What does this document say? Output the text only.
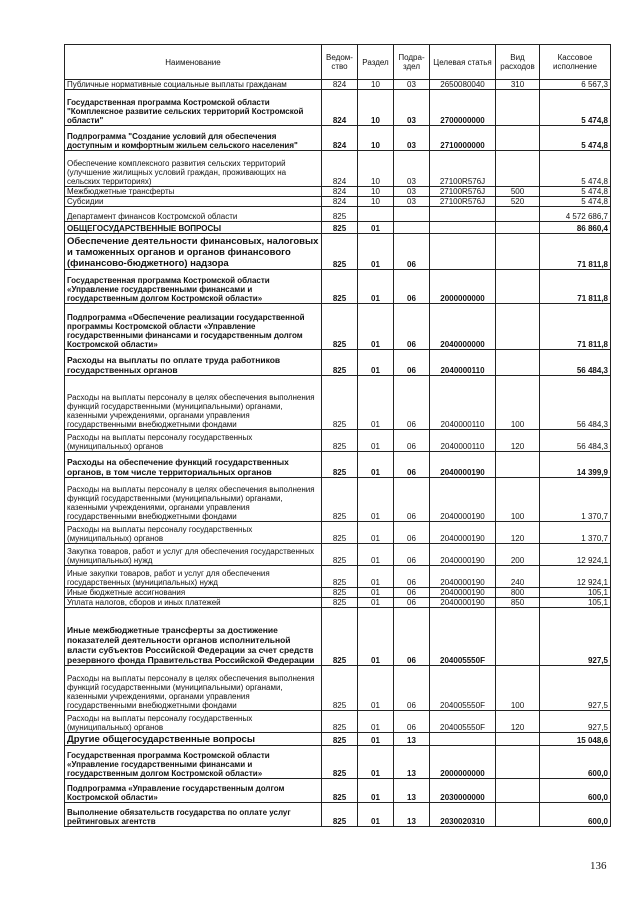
Наименование	Ведом-ство	Раздел	Подра-здел	Целевая статья	Вид расходов	Кассовое исполнение
Публичные нормативные социальные выплаты гражданам	824	10	03	2650080040	310	6 567,3
Государственная программа Костромской области "Комплексное развитие сельских территорий Костромской области"	824	10	03	2700000000		5 474,8
Подпрограмма "Создание условий для обеспечения доступным и комфортным жильем сельского населения"	824	10	03	2710000000		5 474,8
Обеспечение комплексного развития сельских территорий (улучшение жилищных условий граждан, проживающих на сельских территориях)	824	10	03	27100R576J		5 474,8
Межбюджетные трансферты	824	10	03	27100R576J	500	5 474,8
Субсидии	824	10	03	27100R576J	520	5 474,8
Департамент финансов Костромской области	825					4 572 686,7
ОБЩЕГОСУДАРСТВЕННЫЕ ВОПРОСЫ	825	01				86 860,4
Обеспечение деятельности финансовых, налоговых и таможенных органов и органов финансового (финансово-бюджетного) надзора	825	01	06			71 811,8
Государственная программа Костромской области «Управление государственными финансами и государственным долгом Костромской области»	825	01	06	2000000000		71 811,8
Подпрограмма «Обеспечение реализации государственной программы Костромской области «Управление государственными финансами и государственным долгом Костромской области»	825	01	06	2040000000		71 811,8
Расходы на выплаты по оплате труда работников государственных органов	825	01	06	2040000110		56 484,3
Расходы на выплаты персоналу в целях обеспечения выполнения функций государственными (муниципальными) органами, казенными учреждениями, органами управления государственными внебюджетными фондами	825	01	06	2040000110	100	56 484,3
Расходы на выплаты персоналу государственных (муниципальных) органов	825	01	06	2040000110	120	56 484,3
Расходы на обеспечение функций государственных органов, в том числе территориальных органов	825	01	06	2040000190		14 399,9
Расходы на выплаты персоналу в целях обеспечения выполнения функций государственными (муниципальными) органами, казенными учреждениями, органами управления государственными внебюджетными фондами	825	01	06	2040000190	100	1 370,7
Расходы на выплаты персоналу государственных (муниципальных) органов	825	01	06	2040000190	120	1 370,7
Закупка товаров, работ и услуг для обеспечения государственных (муниципальных) нужд	825	01	06	2040000190	200	12 924,1
Иные закупки товаров, работ и услуг для обеспечения государственных (муниципальных) нужд	825	01	06	2040000190	240	12 924,1
Иные бюджетные ассигнования	825	01	06	2040000190	800	105,1
Уплата налогов, сборов и иных платежей	825	01	06	2040000190	850	105,1
Иные межбюджетные трансферты за достижение показателей деятельности органов исполнительной власти субъектов Российской Федерации за счет средств резервного фонда Правительства Российской Федерации	825	01	06	204005550F		927,5
Расходы на выплаты персоналу в целях обеспечения выполнения функций государственными (муниципальными) органами, казенными учреждениями, органами управления государственными внебюджетными фондами	825	01	06	204005550F	100	927,5
Расходы на выплаты персоналу государственных (муниципальных) органов	825	01	06	204005550F	120	927,5
Другие общегосударственные вопросы	825	01	13			15 048,6
Государственная программа Костромской области «Управление государственными финансами и государственным долгом Костромской области»	825	01	13	2000000000		600,0
Подпрограмма «Управление государственным долгом Костромской области»	825	01	13	2030000000		600,0
Выполнение обязательств государства по оплате услуг рейтинговых агентств	825	01	13	2030020310		600,0
136
